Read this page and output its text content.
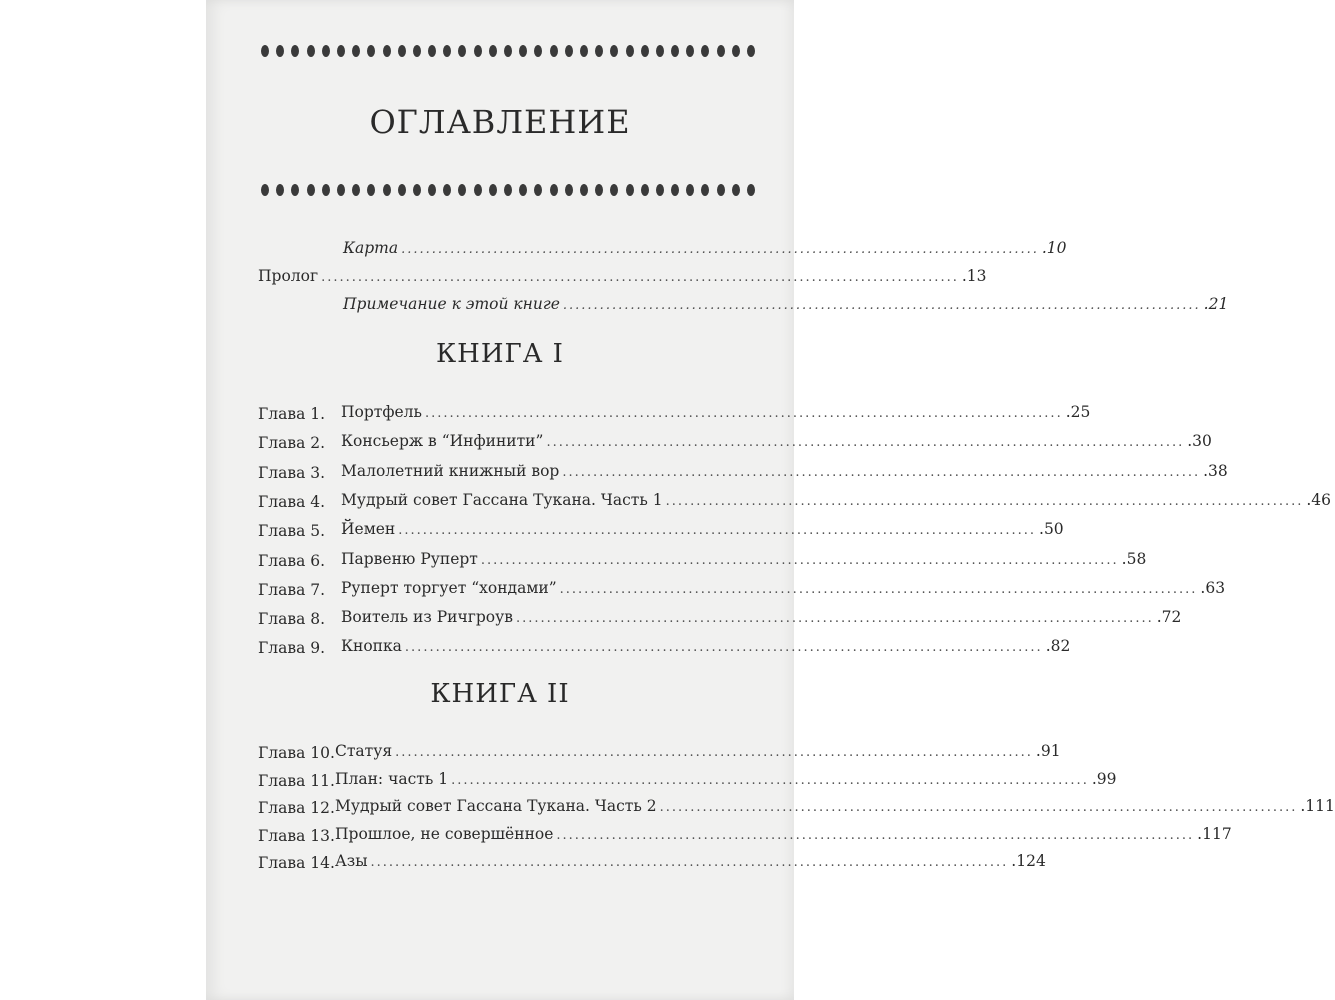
ОГЛАВЛЕНИЕ
Карта ........................................................................................................ .10
Пролог ........................................................................................................ .13
Примечание к этой книге ........................................................................................................ .21
КНИГА I
Глава 1. Портфель ........................................................................................................ .25
Глава 2. Консьерж в “Инфинити” ........................................................................................................ .30
Глава 3. Малолетний книжный вор ........................................................................................................ .38
Глава 4. Мудрый совет Гассана Тукана. Часть 1 ........................................................................................................ .46
Глава 5. Йемен ........................................................................................................ .50
Глава 6. Парвеню Руперт ........................................................................................................ .58
Глава 7. Руперт торгует “хондами” ........................................................................................................ .63
Глава 8. Воитель из Ричгроув ........................................................................................................ .72
Глава 9. Кнопка ........................................................................................................ .82
КНИГА II
Глава 10. Статуя ........................................................................................................ .91
Глава 11. План: часть 1 ........................................................................................................ .99
Глава 12. Мудрый совет Гассана Тукана. Часть 2 ........................................................................................................ .111
Глава 13. Прошлое, не совершённое ........................................................................................................ .117
Глава 14. Азы ........................................................................................................ .124
